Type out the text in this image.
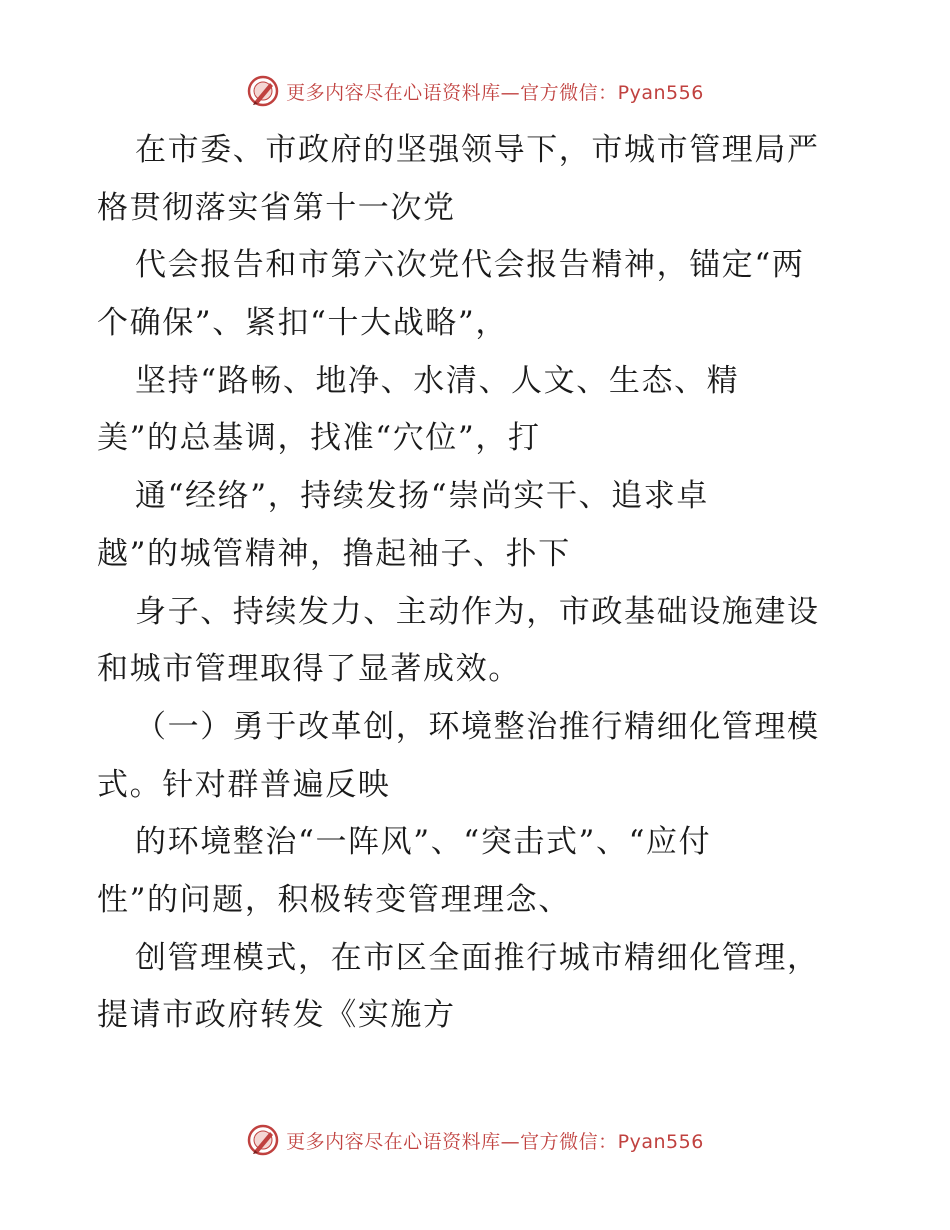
更多内容尽在心语资料库—官方微信：Pyan556
在市委、市政府的坚强领导下，市城市管理局严
格贯彻落实省第十一次党
代会报告和市第六次党代会报告精神，锚定“两
个确保”、紧扣“十大战略”，
坚持“路畅、地净、水清、人文、生态、精
美”的总基调，找准“穴位”，打
通“经络”，持续发扬“崇尚实干、追求卓
越”的城管精神，撸起袖子、扑下
身子、持续发力、主动作为，市政基础设施建设
和城市管理取得了显著成效。
（一）勇于改革创，环境整治推行精细化管理模
式。针对群普遍反映
的环境整治“一阵风”、“突击式”、“应付
性”的问题，积极转变管理理念、
创管理模式，在市区全面推行城市精细化管理，
提请市政府转发《实施方
更多内容尽在心语资料库—官方微信：Pyan556
